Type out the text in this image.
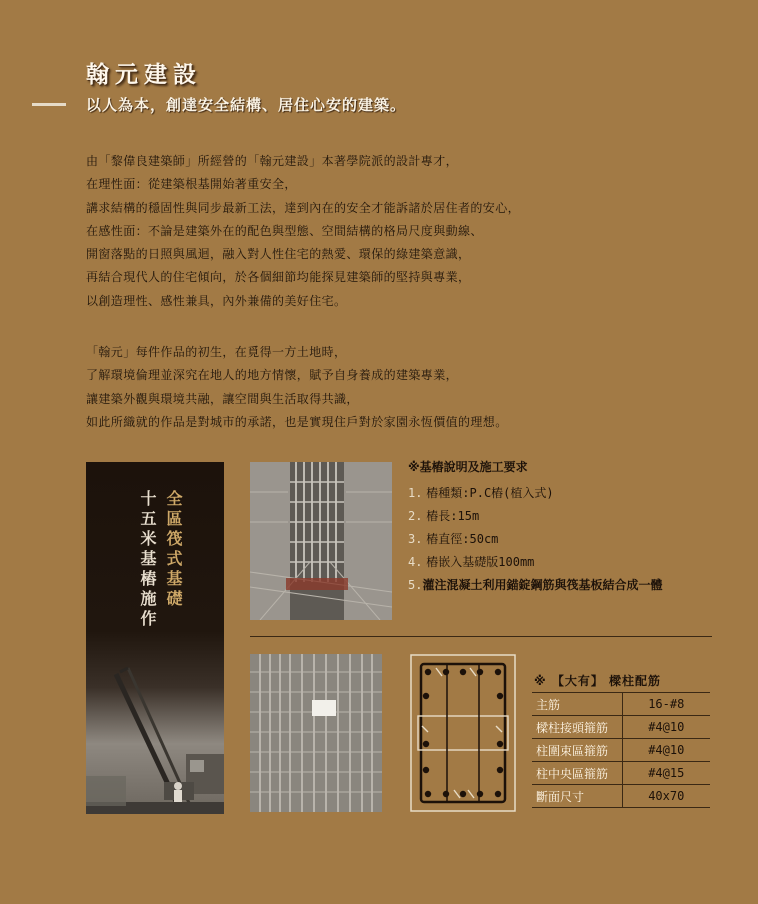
翰元建設
以人為本，創達安全結構、居住心安的建築。

由「黎偉良建築師」所經營的「翰元建設」本著學院派的設計專才，

在理性面：從建築根基開始著重安全，

講求結構的穩固性與同步最新工法，達到內在的安全才能訴諸於居住者的安心，

在感性面：不論是建築外在的配色與型態、空間結構的格局尺度與動線、

開窗落點的日照與風迴，融入對人性住宅的熱愛、環保的綠建築意識，

再結合現代人的住宅傾向，於各個細節均能探見建築師的堅持與專業，

以創造理性、感性兼具，內外兼備的美好住宅。

「翰元」每件作品的初生，在覓得一方土地時，

了解環境倫理並深究在地人的地方情懷，賦予自身養成的建築專業，

讓建築外觀與環境共融，讓空間與生活取得共識，

如此所織就的作品是對城市的承諾，也是實現住戶對於家園永恆價值的理想。

全區筏式基礎
十五米基樁施作
※基樁說明及施工要求
1. 樁種類:P.C樁(植入式)
2. 樁長:15m
3. 樁直徑:50cm
4. 樁嵌入基礎版100mm
5.灌注混凝土利用錨錠鋼筋與筏基板結合成一體
※ 【大有】 樑柱配筋
主筋	16-#8
樑柱接頭箍筋	#4@10
柱圍束區箍筋	#4@10
柱中央區箍筋	#4@15
斷面尺寸	40x70
